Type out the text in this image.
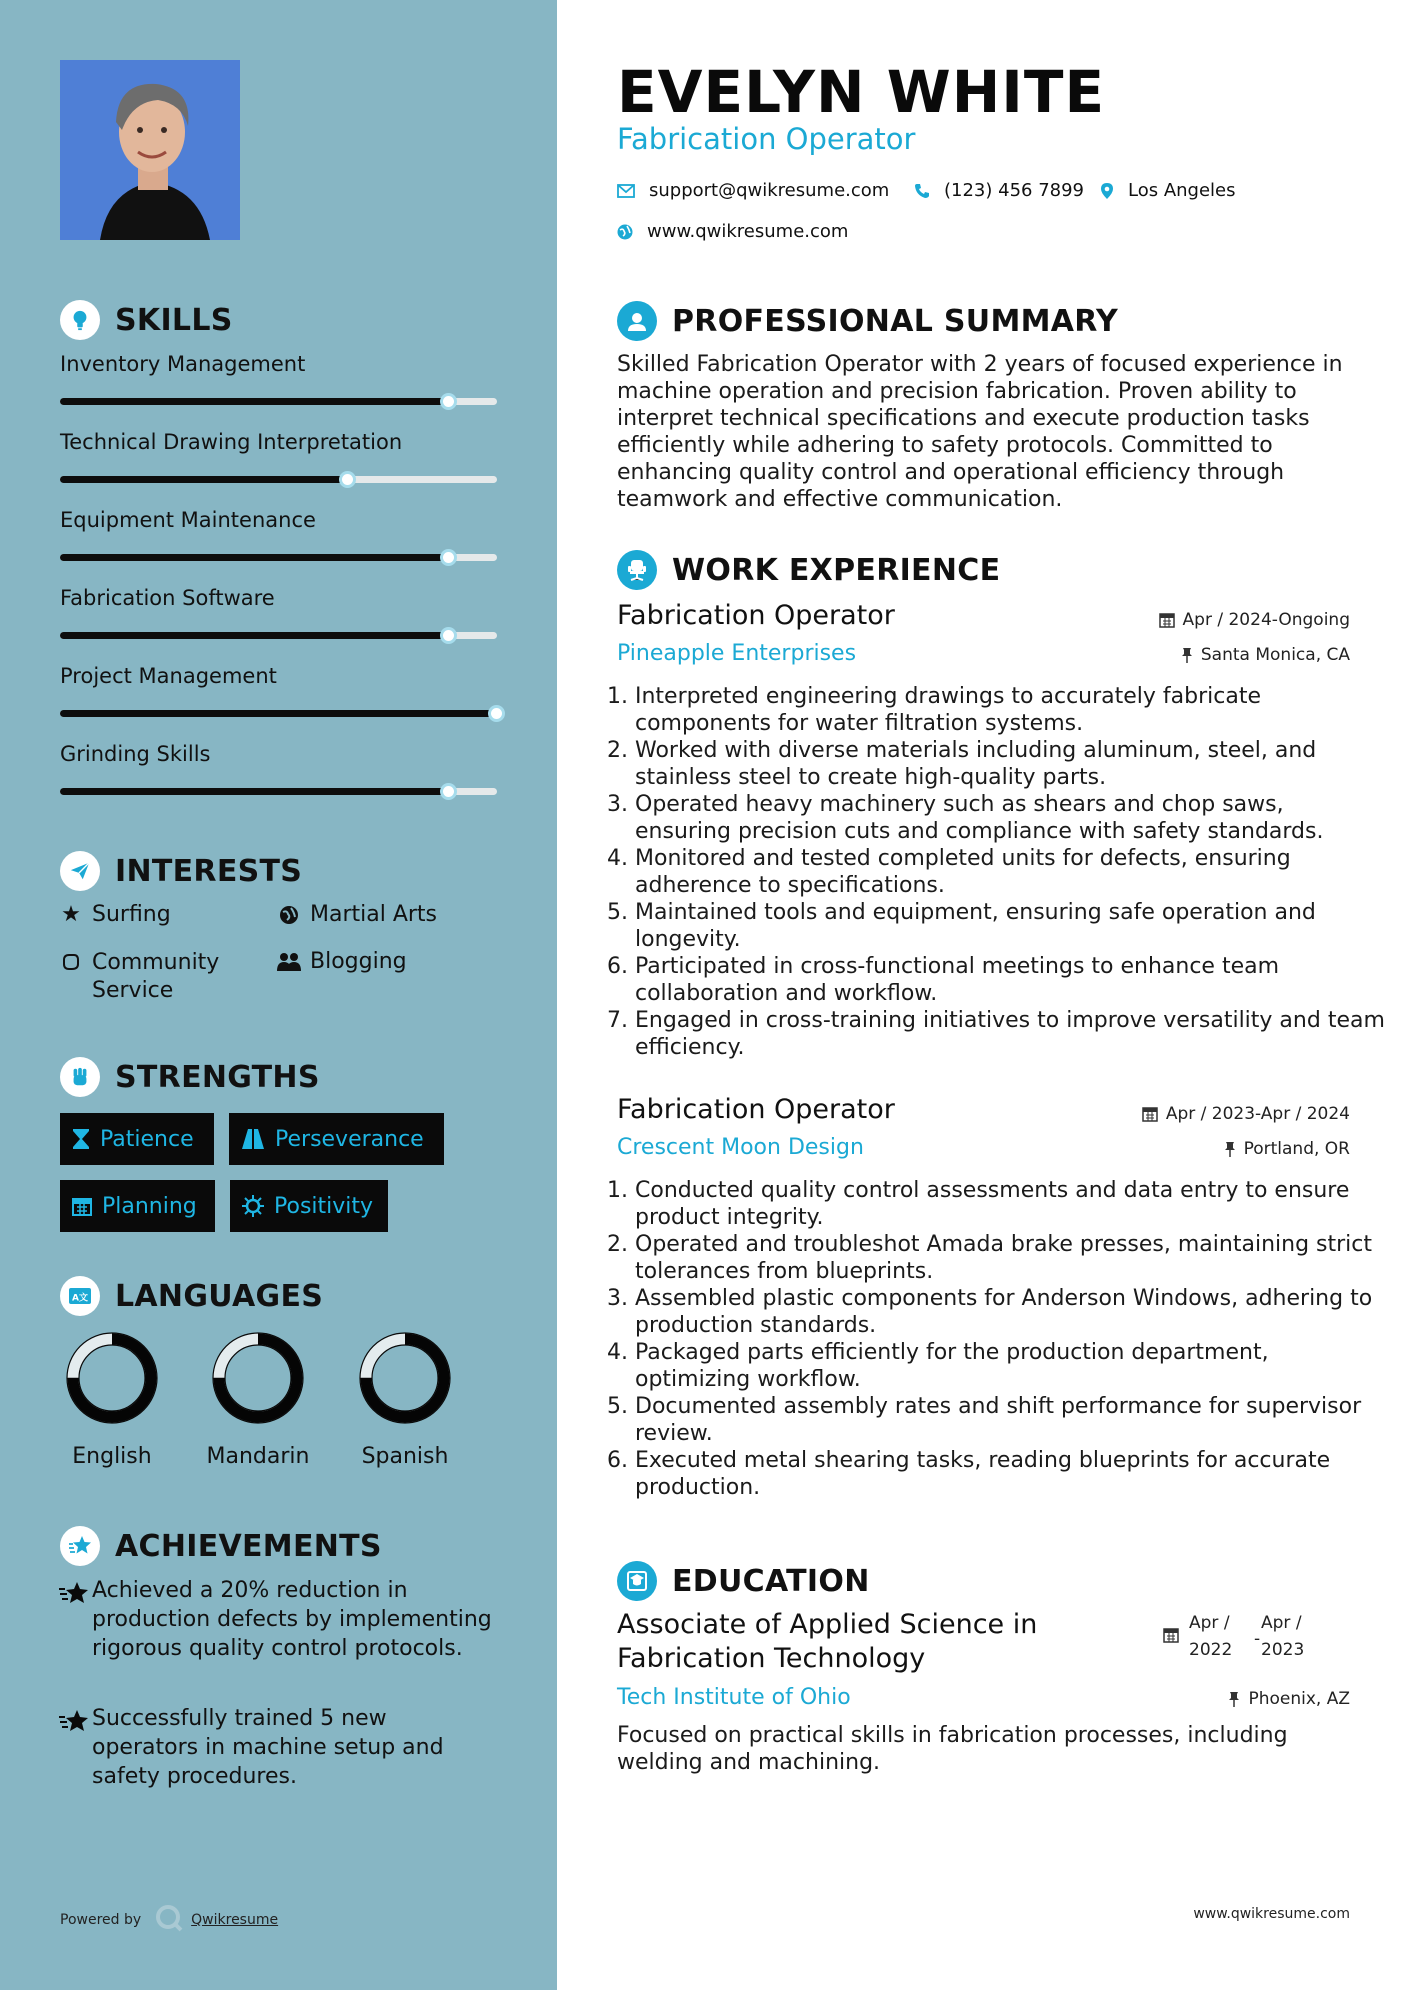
SKILLS
Inventory Management
Technical Drawing Interpretation
Equipment Maintenance
Fabrication Software
Project Management
Grinding Skills
INTERESTS
★ Surfing	Martial Arts
Community Service
Blogging
STRENGTHS
Patience	Perseverance
Planning	Positivity
A文 LANGUAGES
English	Mandarin	Spanish
ACHIEVEMENTS
Achieved a 20% reduction in production defects by implementing rigorous quality control protocols.
Successfully trained 5 new operators in machine setup and safety procedures.
Powered by	Qwikresume
EVELYN WHITE
Fabrication Operator
support@qwikresume.com	(123) 456 7899 Los Angeles
www.qwikresume.com
PROFESSIONAL SUMMARY

Skilled Fabrication Operator with 2 years of focused experience in machine operation and precision fabrication. Proven ability to interpret technical specifications and execute production tasks efficiently while adhering to safety protocols. Committed to enhancing quality control and operational efficiency through teamwork and effective communication.

WORK EXPERIENCE
Fabrication Operator	Apr / 2024-Ongoing
Pineapple Enterprises	Santa Monica, CA
1. Interpreted engineering drawings to accurately fabricate components for water filtration systems.
2. Worked with diverse materials including aluminum, steel, and stainless steel to create high-quality parts.
3. Operated heavy machinery such as shears and chop saws, ensuring precision cuts and compliance with safety standards.
4. Monitored and tested completed units for defects, ensuring adherence to specifications.
5. Maintained tools and equipment, ensuring safe operation and longevity.
6. Participated in cross-functional meetings to enhance team collaboration and workflow.
7. Engaged in cross-training initiatives to improve versatility and team efficiency.
Fabrication Operator	Apr / 2023-Apr / 2024
Crescent Moon Design	Portland, OR
1. Conducted quality control assessments and data entry to ensure product integrity.
2. Operated and troubleshot Amada brake presses, maintaining strict tolerances from blueprints.
3. Assembled plastic components for Anderson Windows, adhering to production standards.
4. Packaged parts efficiently for the production department, optimizing workflow.
5. Documented assembly rates and shift performance for supervisor review.
6. Executed metal shearing tasks, reading blueprints for accurate production.
EDUCATION
Associate of Applied Science in Fabrication Technology
Apr / 2022
-
Apr / 2023
Tech Institute of Ohio	Phoenix, AZ

Focused on practical skills in fabrication processes, including welding and machining.

www.qwikresume.com
